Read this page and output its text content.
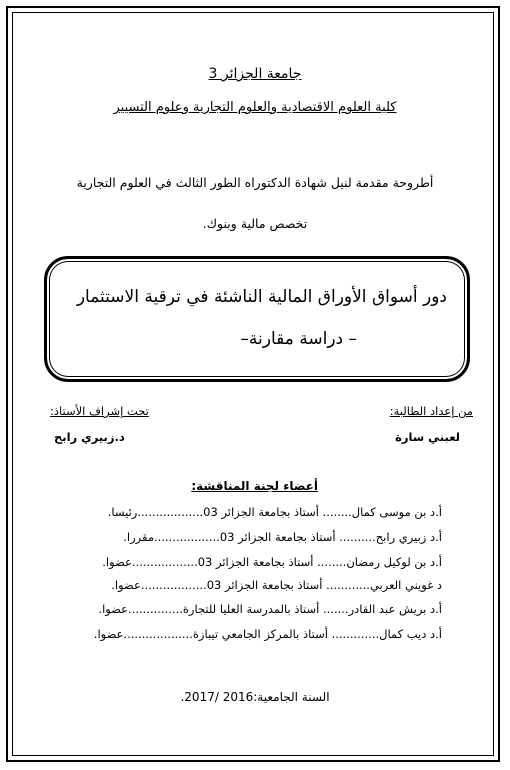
جامعة الجزائر 3
كلية العلوم الاقتصادية والعلوم التجارية وعلوم التسيير
أطروحة مقدمة لنيل شهادة الدكتوراه الطور الثالث في العلوم التجارية
تخصص مالية وبنوك.
دور أسواق الأوراق المالية الناشئة في ترقية الاستثمار
– دراسة مقارنة–
من إعداد الطالبة:
لعبني سارة
تحت إشراف الأستاذ:
د.زبيري رابح
أعضاء لجنة المناقشة:
أ.د بن موسى كمال........ أستاذ بجامعة الجزائر 03..................رئيسا.
أ.د زبيري رابح.......... أستاذ بجامعة الجزائر 03..................مقررا.
أ.د بن لوكيل رمضان........ أستاذ بجامعة الجزائر 03..................عضوا.
د غويني العربي............ أستاذ بجامعة الجزائر 03..................عضوا.
أ.د بريش عبد القادر....... أستاذ بالمدرسة العليا للتجارة...............عضوا.
أ.د ديب كمال............. أستاذ بالمركز الجامعي تيبازة...................عضوا.
السنة الجامعية:2016 /2017.
